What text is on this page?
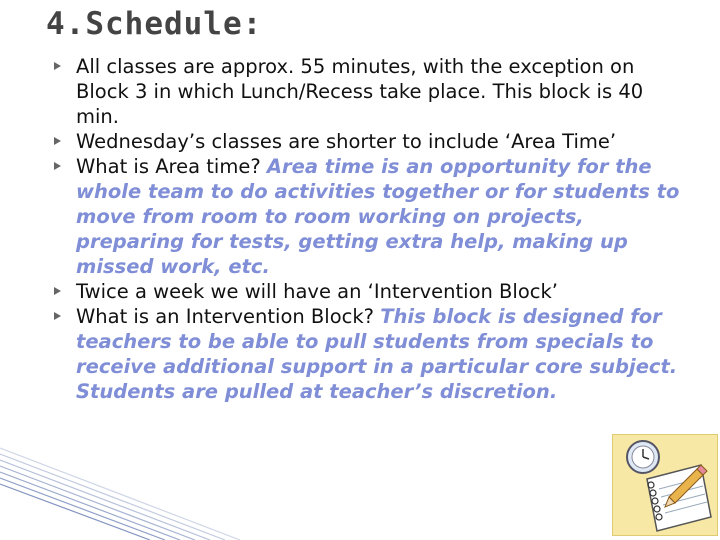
4.Schedule:
All classes are approx. 55 minutes, with the exception on Block 3 in which Lunch/Recess take place. This block is 40 min.
Wednesday’s classes are shorter to include ‘Area Time’
What is Area time? Area time is an opportunity for the whole team to do activities together or for students to move from room to room working on projects, preparing for tests, getting extra help, making up missed work, etc.
Twice a week we will have an ‘Intervention Block’
What is an Intervention Block? This block is designed for teachers to be able to pull students from specials to receive additional support in a particular core subject. Students are pulled at teacher’s discretion.
